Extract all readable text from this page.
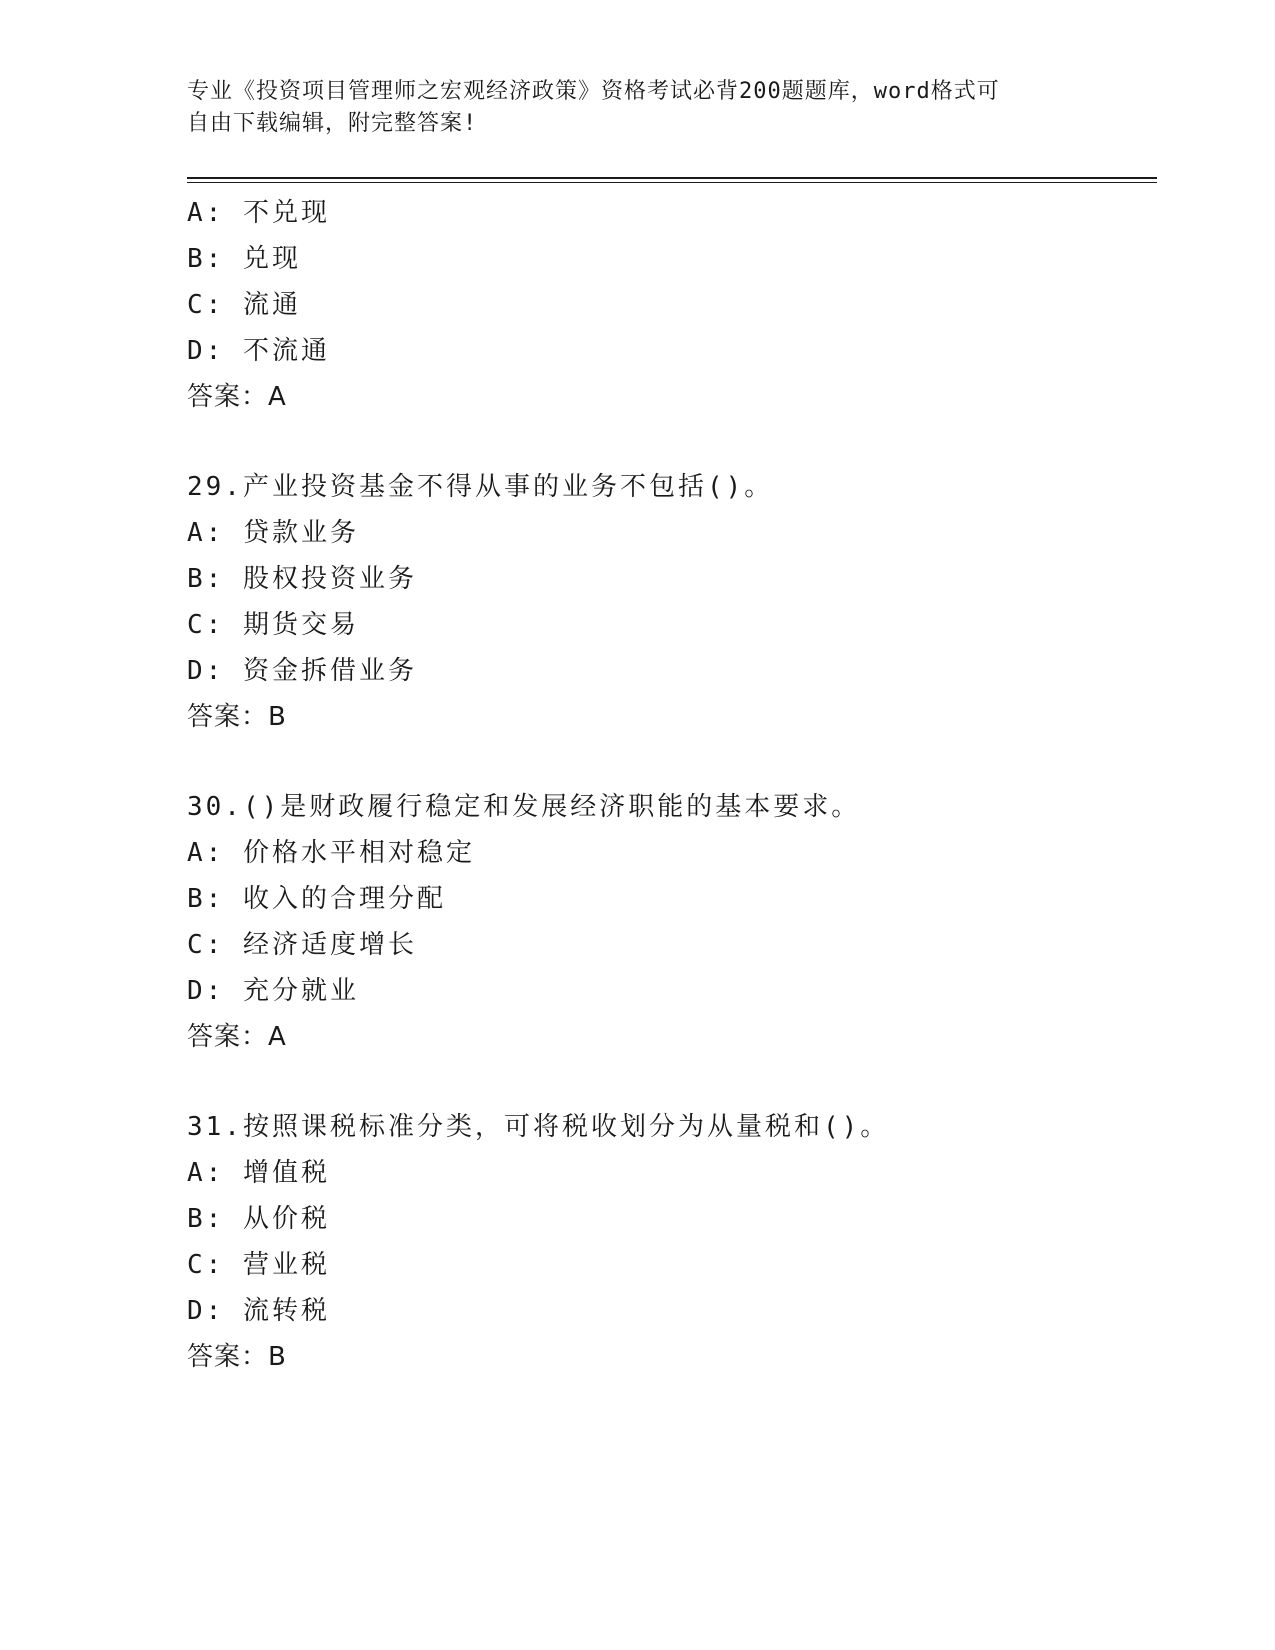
专业《投资项目管理师之宏观经济政策》资格考试必背200题题库，word格式可
自由下载编辑，附完整答案!
A: 不兑现
B: 兑现
C: 流通
D: 不流通
答案：A
29.产业投资基金不得从事的业务不包括()。
A: 贷款业务
B: 股权投资业务
C: 期货交易
D: 资金拆借业务
答案：B
30.()是财政履行稳定和发展经济职能的基本要求。
A: 价格水平相对稳定
B: 收入的合理分配
C: 经济适度增长
D: 充分就业
答案：A
31.按照课税标准分类，可将税收划分为从量税和()。
A: 增值税
B: 从价税
C: 营业税
D: 流转税
答案：B
